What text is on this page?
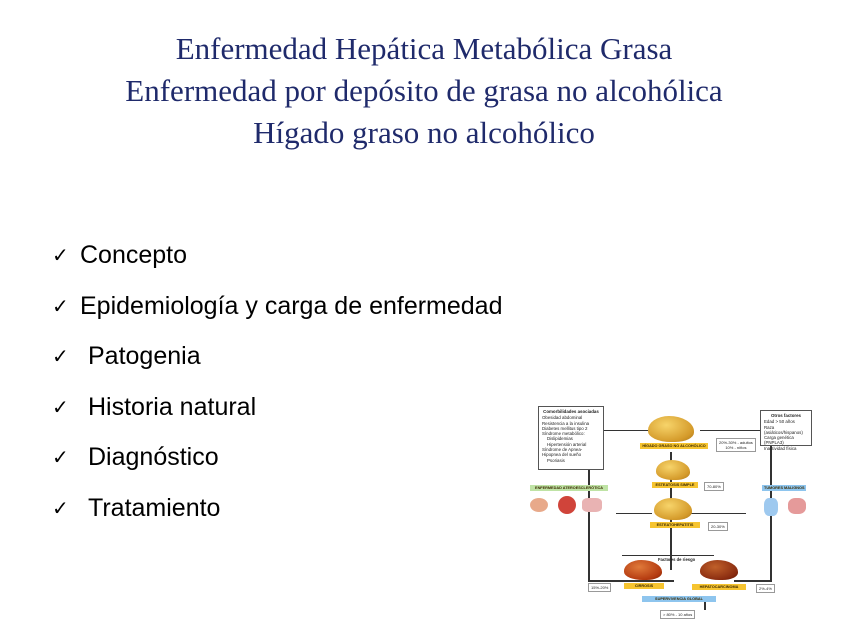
Enfermedad Hepática Metabólica Grasa
Enfermedad por depósito de grasa no alcohólica
Hígado graso no alcohólico
✓ Concepto
✓ Epidemiología y carga de enfermedad
✓ Patogenia
✓ Historia natural
✓ Diagnóstico
✓ Tratamiento
Comorbilidades asociadas
Obesidad abdominal
Resistencia a la insulina
Diabetes mellitus tipo 2
Síndrome metabólico:
Dislipidemias
Hipertensión arterial
Síndrome de Apnea-
Hipopnea del sueño
Psoriasis
Otros factores
Edad > 50 años
Raza (asiáticos/hispanos)
Carga genética (PNPLA3)
Inactividad física
HÍGADO GRASO NO ALCOHÓLICO
20%-30% - adultos
10% - niños
ESTEATOSIS SIMPLE	70-80%
ENFERMEDAD ATEROESCLERÓTICA
ESTEATOHEPATITIS	20-30%
TUMORES MALIGNOS
Factores de riesgo
CIRROSIS
15%-20%	HEPATOCARCINOMA	2%-4%
SUPERVIVENCIA GLOBAL
> 80% - 10 años
